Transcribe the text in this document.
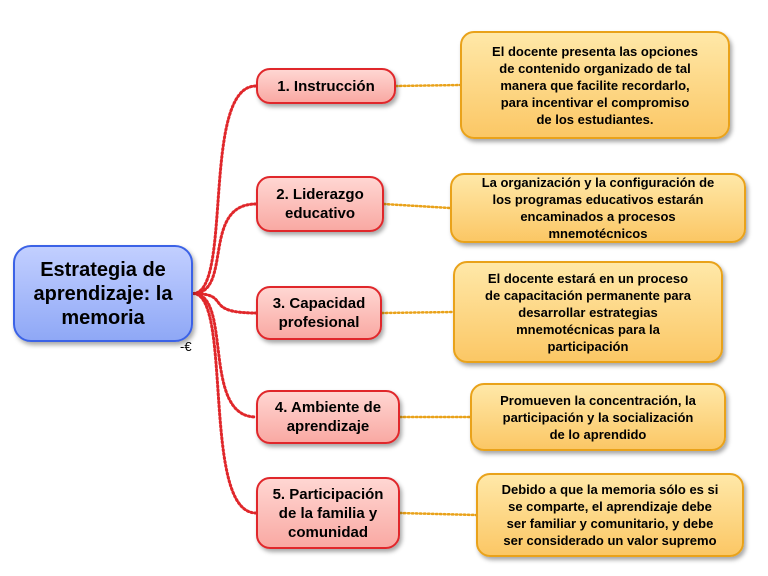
Estrategia de
aprendizaje: la
memoria
-€
1. Instrucción
2. Liderazgo
educativo
3. Capacidad
profesional
4. Ambiente de
aprendizaje
5. Participación
de la familia y
comunidad
El docente presenta las opciones
de contenido organizado de tal
manera que facilite recordarlo,
para incentivar el compromiso
de los estudiantes.
La organización y la configuración de
los programas educativos estarán
encaminados a procesos
mnemotécnicos
El docente estará en un proceso
de capacitación permanente para
desarrollar estrategias
mnemotécnicas para la
participación
Promueven la concentración, la
participación y la socialización
de lo aprendido
Debido a que la memoria sólo es si
se comparte, el aprendizaje debe
ser familiar y comunitario, y debe
ser considerado un valor supremo
